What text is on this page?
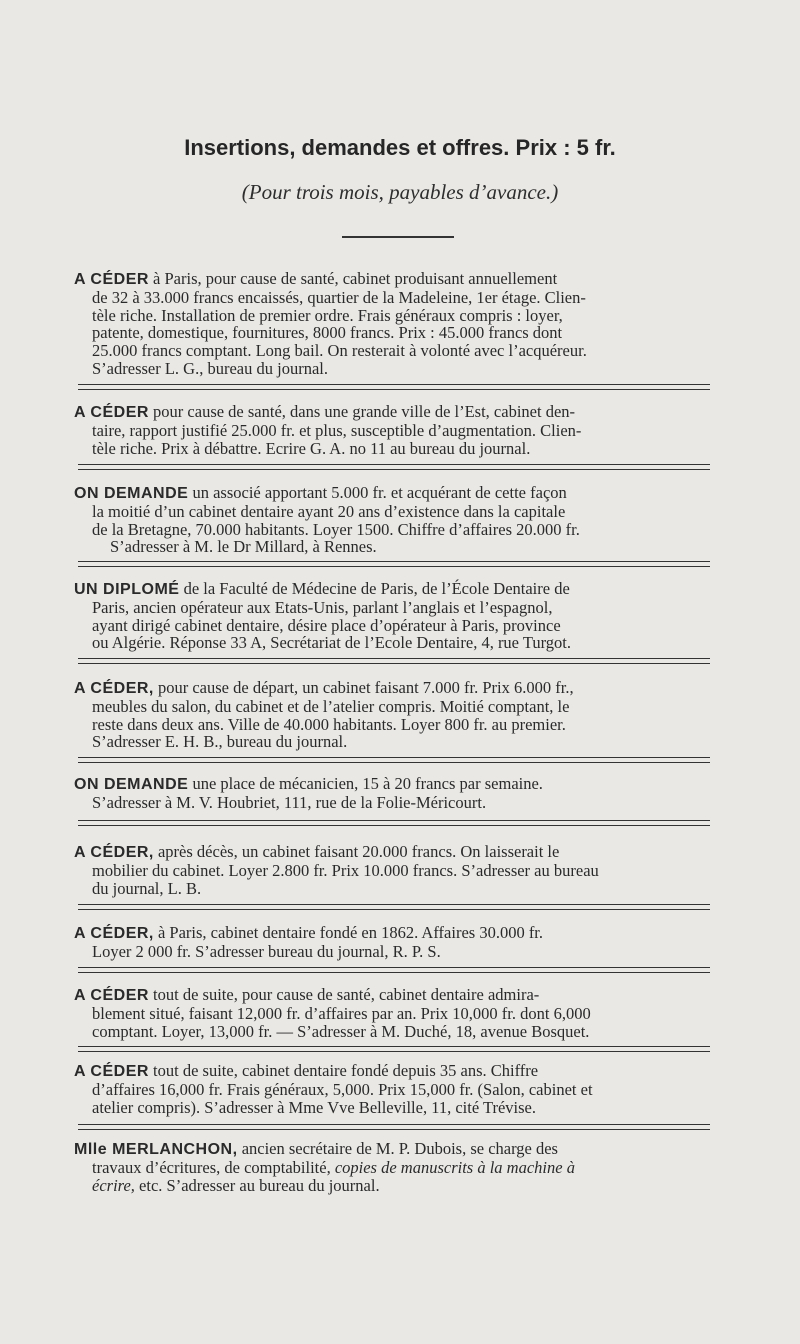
Insertions, demandes et offres. Prix : 5 fr.
(Pour trois mois, payables d’avance.)

A CÉDER à Paris, pour cause de santé, cabinet produisant annuellement
de 32 à 33.000 francs encaissés, quartier de la Madeleine, 1er étage. Clien-
tèle riche. Installation de premier ordre. Frais généraux compris : loyer,
patente, domestique, fournitures, 8000 francs. Prix : 45.000 francs dont
25.000 francs comptant. Long bail. On resterait à volonté avec l’acquéreur.
S’adresser L. G., bureau du journal.

A CÉDER pour cause de santé, dans une grande ville de l’Est, cabinet den-
taire, rapport justifié 25.000 fr. et plus, susceptible d’augmentation. Clien-
tèle riche. Prix à débattre. Ecrire G. A. no 11 au bureau du journal.

ON DEMANDE un associé apportant 5.000 fr. et acquérant de cette façon
la moitié d’un cabinet dentaire ayant 20 ans d’existence dans la capitale
de la Bretagne, 70.000 habitants. Loyer 1500. Chiffre d’affaires 20.000 fr.
S’adresser à M. le Dr Millard, à Rennes.

UN DIPLOMÉ de la Faculté de Médecine de Paris, de l’École Dentaire de
Paris, ancien opérateur aux Etats-Unis, parlant l’anglais et l’espagnol,
ayant dirigé cabinet dentaire, désire place d’opérateur à Paris, province
ou Algérie. Réponse 33 A, Secrétariat de l’Ecole Dentaire, 4, rue Turgot.

A CÉDER, pour cause de départ, un cabinet faisant 7.000 fr. Prix 6.000 fr.,
meubles du salon, du cabinet et de l’atelier compris. Moitié comptant, le
reste dans deux ans. Ville de 40.000 habitants. Loyer 800 fr. au premier.
S’adresser E. H. B., bureau du journal.

ON DEMANDE une place de mécanicien, 15 à 20 francs par semaine.
S’adresser à M. V. Houbriet, 111, rue de la Folie-Méricourt.

A CÉDER, après décès, un cabinet faisant 20.000 francs. On laisserait le
mobilier du cabinet. Loyer 2.800 fr. Prix 10.000 francs. S’adresser au bureau
du journal, L. B.

A CÉDER, à Paris, cabinet dentaire fondé en 1862. Affaires 30.000 fr.
Loyer 2 000 fr. S’adresser bureau du journal, R. P. S.

A CÉDER tout de suite, pour cause de santé, cabinet dentaire admira-
blement situé, faisant 12,000 fr. d’affaires par an. Prix 10,000 fr. dont 6,000
comptant. Loyer, 13,000 fr. — S’adresser à M. Duché, 18, avenue Bosquet.

A CÉDER tout de suite, cabinet dentaire fondé depuis 35 ans. Chiffre
d’affaires 16,000 fr. Frais généraux, 5,000. Prix 15,000 fr. (Salon, cabinet et
atelier compris). S’adresser à Mme Vve Belleville, 11, cité Trévise.

Mlle MERLANCHON, ancien secrétaire de M. P. Dubois, se charge des
travaux d’écritures, de comptabilité, copies de manuscrits à la machine à
écrire, etc. S’adresser au bureau du journal.
